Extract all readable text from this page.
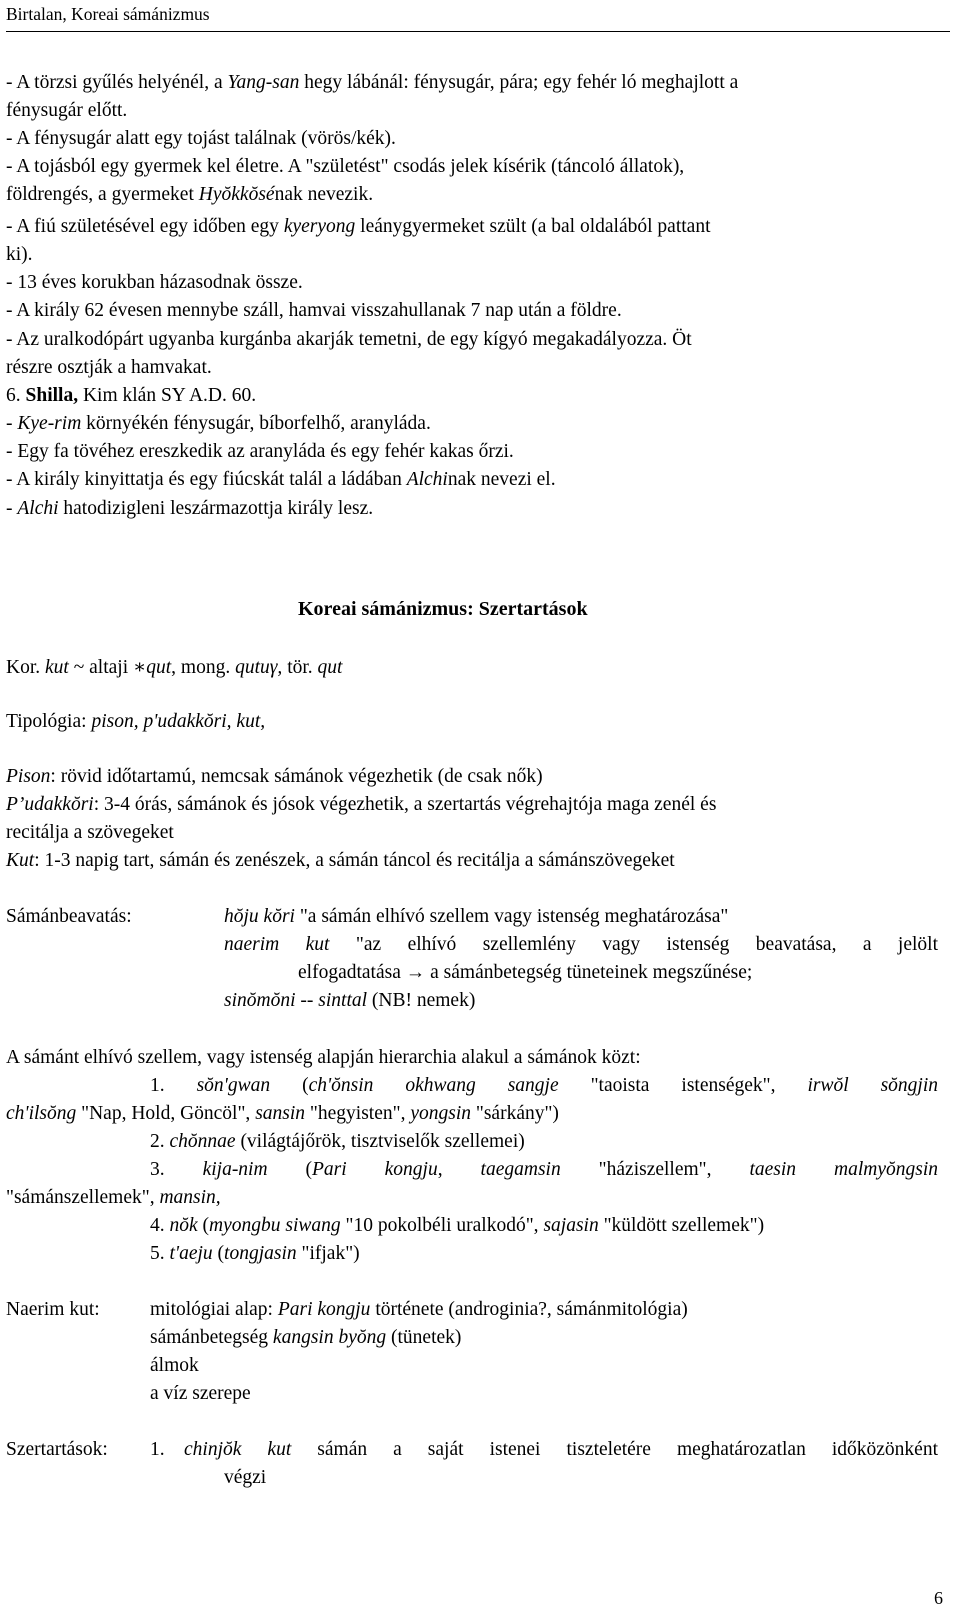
Birtalan, Koreai sámánizmus
- A törzsi gyűlés helyénél, a Yang-san hegy lábánál: fénysugár, pára; egy fehér ló meghajlott a
fénysugár előtt.
- A fénysugár alatt egy tojást találnak (vörös/kék).
- A tojásból egy gyermek kel életre. A "születést" csodás jelek kísérik (táncoló állatok),
földrengés, a gyermeket Hyŏkkŏsénak nevezik.
- A fiú születésével egy időben egy kyeryong leánygyermeket szült (a bal oldalából pattant
ki).
- 13 éves korukban házasodnak össze.
- A király 62 évesen mennybe száll, hamvai visszahullanak 7 nap után a földre.
- Az uralkodópárt ugyanba kurgánba akarják temetni, de egy kígyó megakadályozza. Öt
részre osztják a hamvakat.
6. Shilla, Kim klán SY A.D. 60.
- Kye-rim környékén fénysugár, bíborfelhő, aranyláda.
- Egy fa tövéhez ereszkedik az aranyláda és egy fehér kakas őrzi.
- A király kinyittatja és egy fiúcskát talál a ládában Alchinak nevezi el.
- Alchi hatodizigleni leszármazottja király lesz.
Koreai sámánizmus: Szertartások
Kor. kut ~ altaji ∗qut, mong. qutuγ, tör. qut
Tipológia: pison, p'udakkŏri, kut,
Pison: rövid időtartamú, nemcsak sámánok végezhetik (de csak nők)
P’udakkŏri: 3-4 órás, sámánok és jósok végezhetik, a szertartás végrehajtója maga zenél és
recitálja a szövegeket
Kut: 1-3 napig tart, sámán és zenészek, a sámán táncol és recitálja a sámánszövegeket
Sámánbeavatás:	hŏju kŏri "a sámán elhívó szellem vagy istenség meghatározása"
naerim kut "az elhívó szellemlény vagy istenség beavatása, a jelölt
elfogadtatása → a sámánbetegség tüneteinek megszűnése;
sinŏmŏni -- sinttal (NB! nemek)
A sámánt elhívó szellem, vagy istenség alapján hierarchia alakul a sámánok közt:
1. sŏn'gwan (ch'ŏnsin okhwang sangje "taoista istenségek", irwŏl sŏngjin
ch'ilsŏng "Nap, Hold, Göncöl", sansin "hegyisten", yongsin "sárkány")
2. chŏnnae (világtájőrök, tisztviselők szellemei)
3. kija-nim (Pari kongju, taegamsin "háziszellem", taesin malmyŏngsin
"sámánszellemek", mansin,
4. nŏk (myongbu siwang "10 pokolbéli uralkodó", sajasin "küldött szellemek")
5. t'aeju (tongjasin "ifjak")
Naerim kut:	mitológiai alap: Pari kongju története (androginia?, sámánmitológia)
sámánbetegség kangsin byŏng (tünetek)
álmok
a víz szerepe
Szertartások: 1. chinjŏk kut sámán a saját istenei tiszteletére meghatározatlan időközönként
végzi
6
